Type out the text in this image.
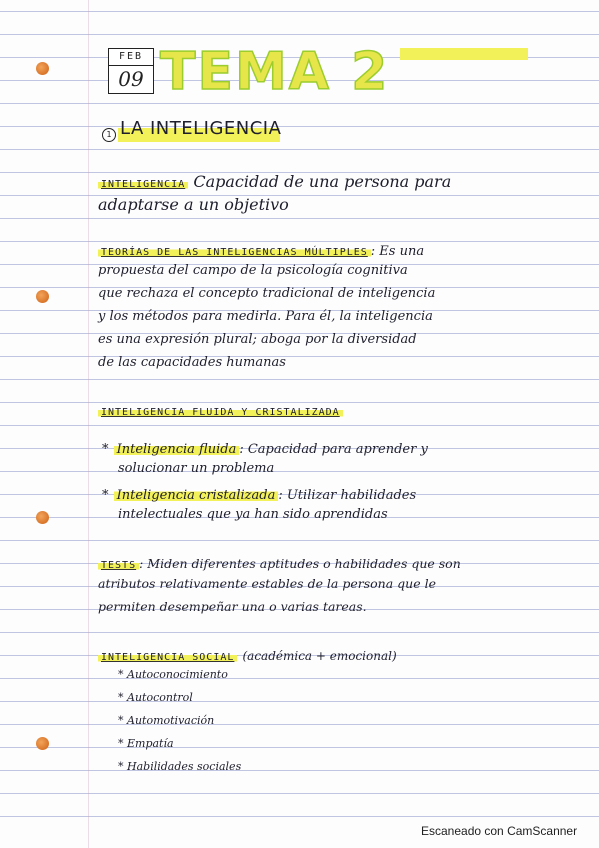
FEB
09 TEMA 2
1 LA INTELIGENCIA
INTELIGENCIA Capacidad de una persona para
adaptarse a un objetivo
TEORÍAS DE LAS INTELIGENCIAS MÚLTIPLES : Es una
propuesta del campo de la psicología cognitiva
que rechaza el concepto tradicional de inteligencia
y los métodos para medirla. Para él, la inteligencia
es una expresión plural; aboga por la diversidad
de las capacidades humanas
INTELIGENCIA FLUIDA Y CRISTALIZADA
* Inteligencia fluida : Capacidad para aprender y
solucionar un problema
* Inteligencia cristalizada : Utilizar habilidades
intelectuales que ya han sido aprendidas
TESTS : Miden diferentes aptitudes o habilidades que son
atributos relativamente estables de la persona que le
permiten desempeñar una o varias tareas.
INTELIGENCIA SOCIAL (académica + emocional)
* Autoconocimiento
* Autocontrol
* Automotivación
* Empatía
* Habilidades sociales
Escaneado con CamScanner
